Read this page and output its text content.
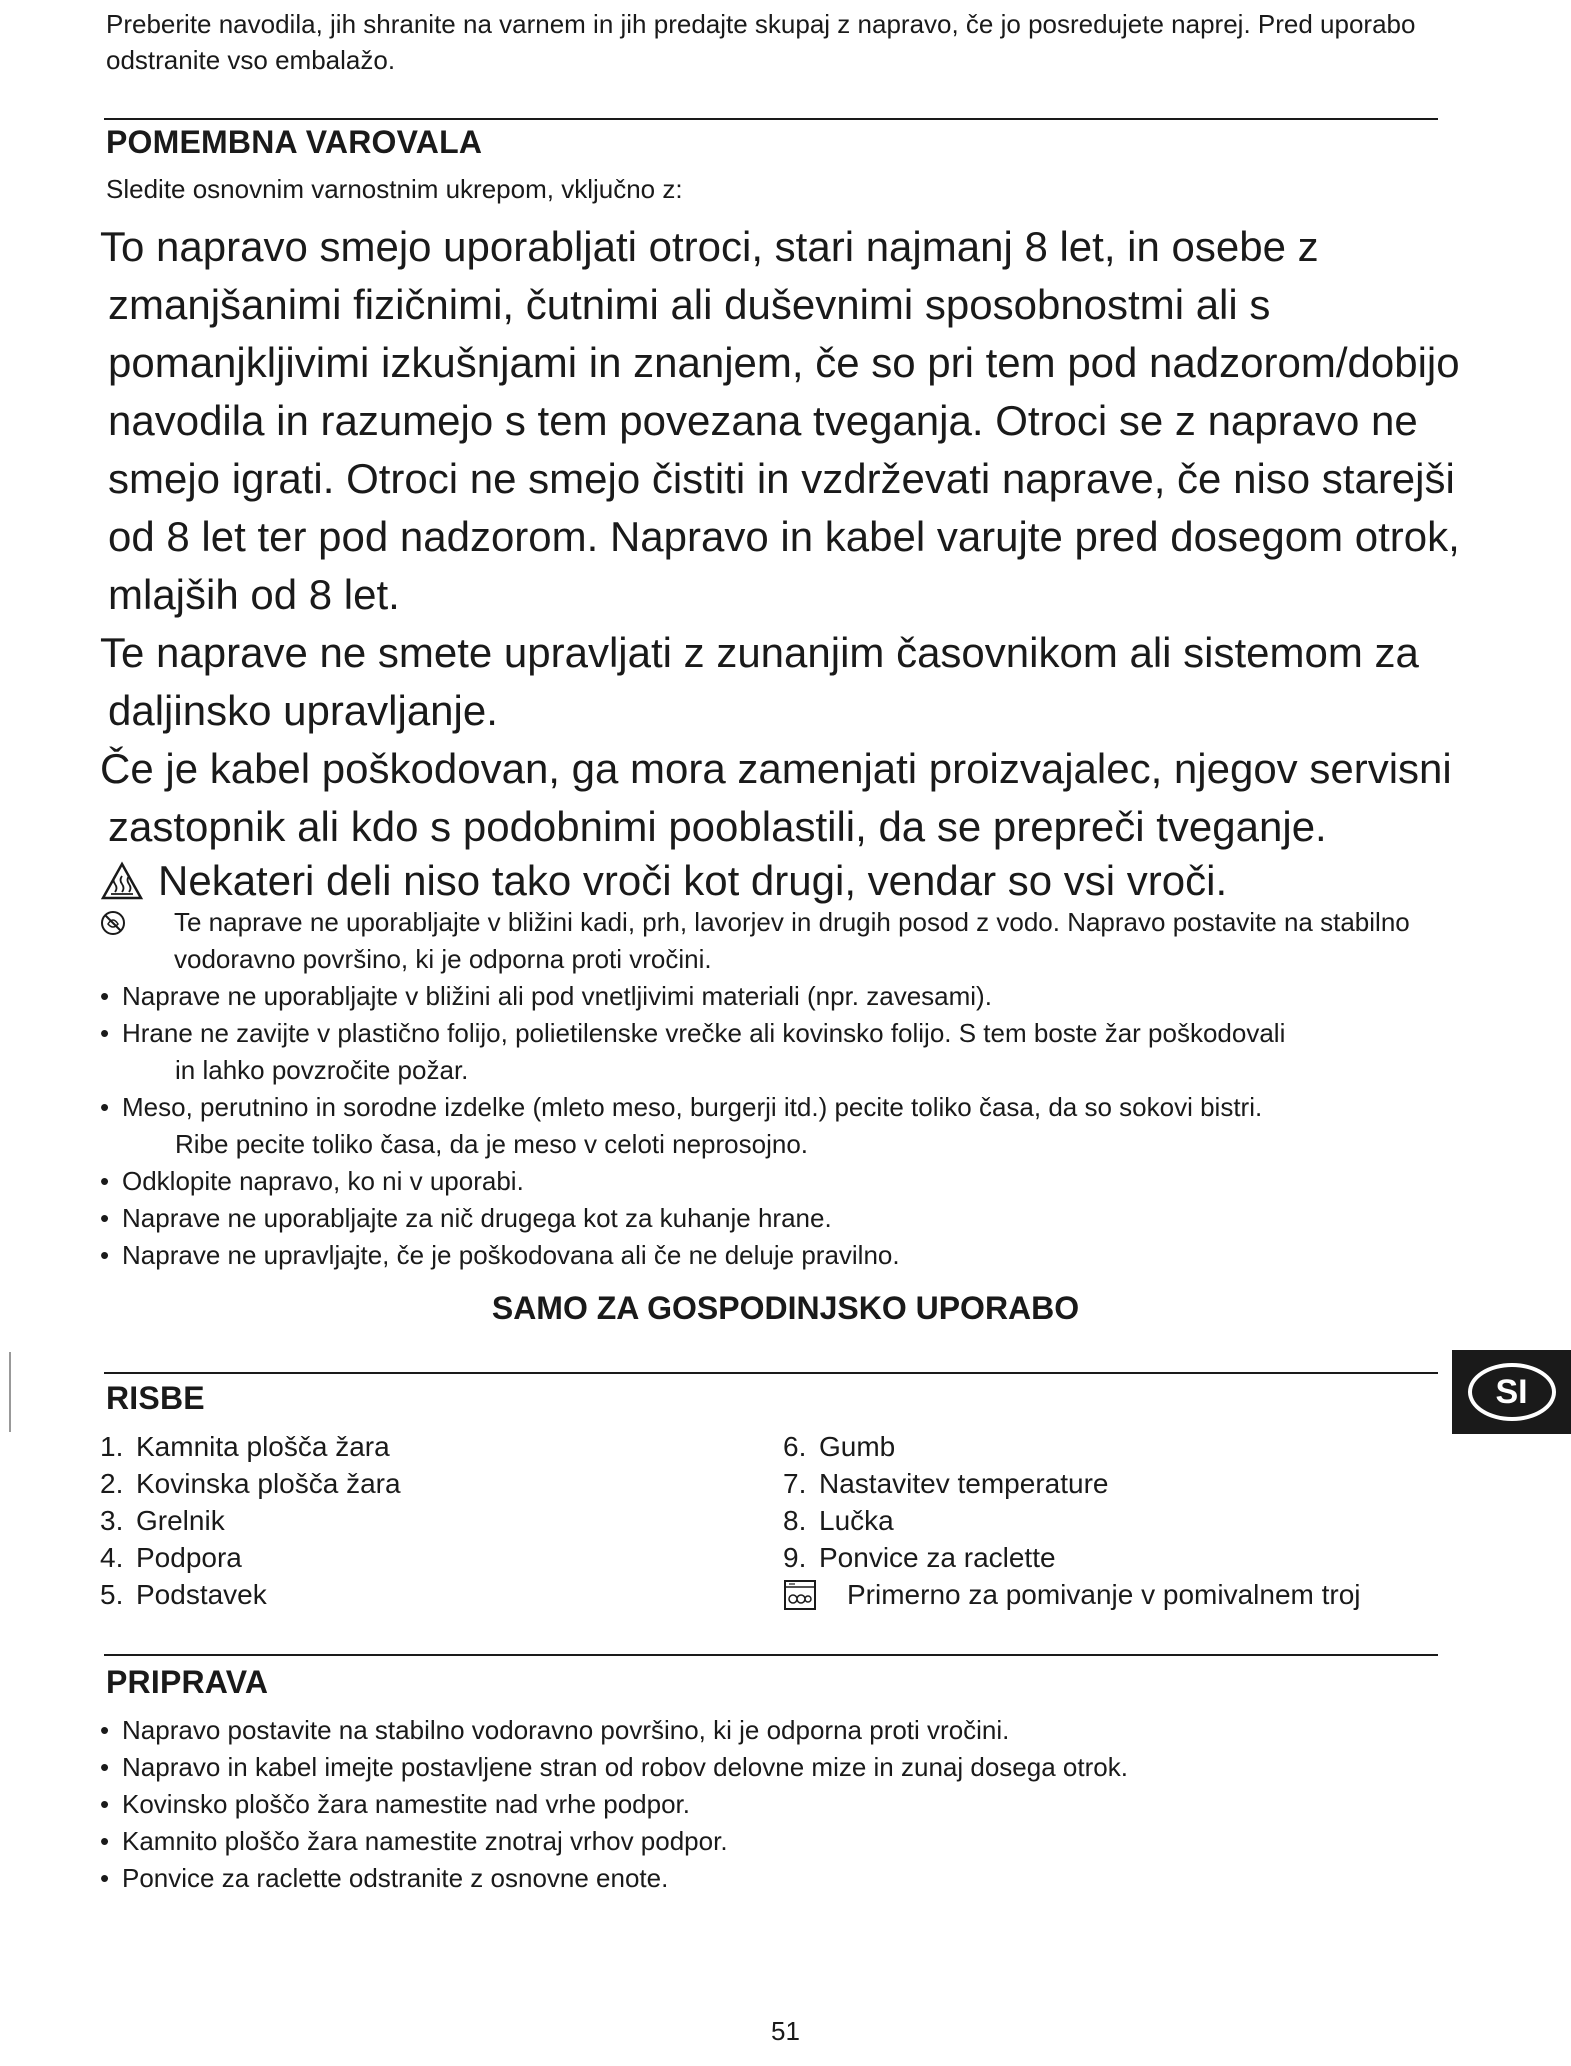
Preberite navodila, jih shranite na varnem in jih predajte skupaj z napravo, če jo posredujete naprej. Pred uporabo odstranite vso embalažo.
POMEMBNA VAROVALA
Sledite osnovnim varnostnim ukrepom, vključno z:

To napravo smejo uporabljati otroci, stari najmanj 8 let, in osebe z zmanjšanimi fizičnimi, čutnimi ali duševnimi sposobnostmi ali s pomanjkljivimi izkušnjami in znanjem, če so pri tem pod nadzorom/dobijo navodila in razumejo s tem povezana tveganja. Otroci se z napravo ne smejo igrati. Otroci ne smejo čistiti in vzdrževati naprave, če niso starejši od 8 let ter pod nadzorom. Napravo in kabel varujte pred dosegom otrok, mlajših od 8 let.

Te naprave ne smete upravljati z zunanjim časovnikom ali sistemom za daljinsko upravljanje.

Če je kabel poškodovan, ga mora zamenjati proizvajalec, njegov servisni zastopnik ali kdo s podobnimi pooblastili, da se prepreči tveganje.

Nekateri deli niso tako vroči kot drugi, vendar so vsi vroči.
Te naprave ne uporabljajte v bližini kadi, prh, lavorjev in drugih posod z vodo. Napravo postavite na stabilno vodoravno površino, ki je odporna proti vročini.
• Naprave ne uporabljajte v bližini ali pod vnetljivimi materiali (npr. zavesami).
• Hrane ne zavijte v plastično folijo, polietilenske vrečke ali kovinsko folijo. S tem boste žar poškodovali
in lahko povzročite požar.
• Meso, perutnino in sorodne izdelke (mleto meso, burgerji itd.) pecite toliko časa, da so sokovi bistri.
Ribe pecite toliko časa, da je meso v celoti neprosojno.
• Odklopite napravo, ko ni v uporabi.
• Naprave ne uporabljajte za nič drugega kot za kuhanje hrane.
• Naprave ne upravljajte, če je poškodovana ali če ne deluje pravilno.
SAMO ZA GOSPODINJSKO UPORABO
SI
RISBE
1. Kamnita plošča žara
2. Kovinska plošča žara
3. Grelnik
4. Podpora
5. Podstavek
6. Gumb
7. Nastavitev temperature
8. Lučka
9. Ponvice za raclette
Primerno za pomivanje v pomivalnem troj
PRIPRAVA
• Napravo postavite na stabilno vodoravno površino, ki je odporna proti vročini.
• Napravo in kabel imejte postavljene stran od robov delovne mize in zunaj dosega otrok.
• Kovinsko ploščo žara namestite nad vrhe podpor.
• Kamnito ploščo žara namestite znotraj vrhov podpor.
• Ponvice za raclette odstranite z osnovne enote.
51
